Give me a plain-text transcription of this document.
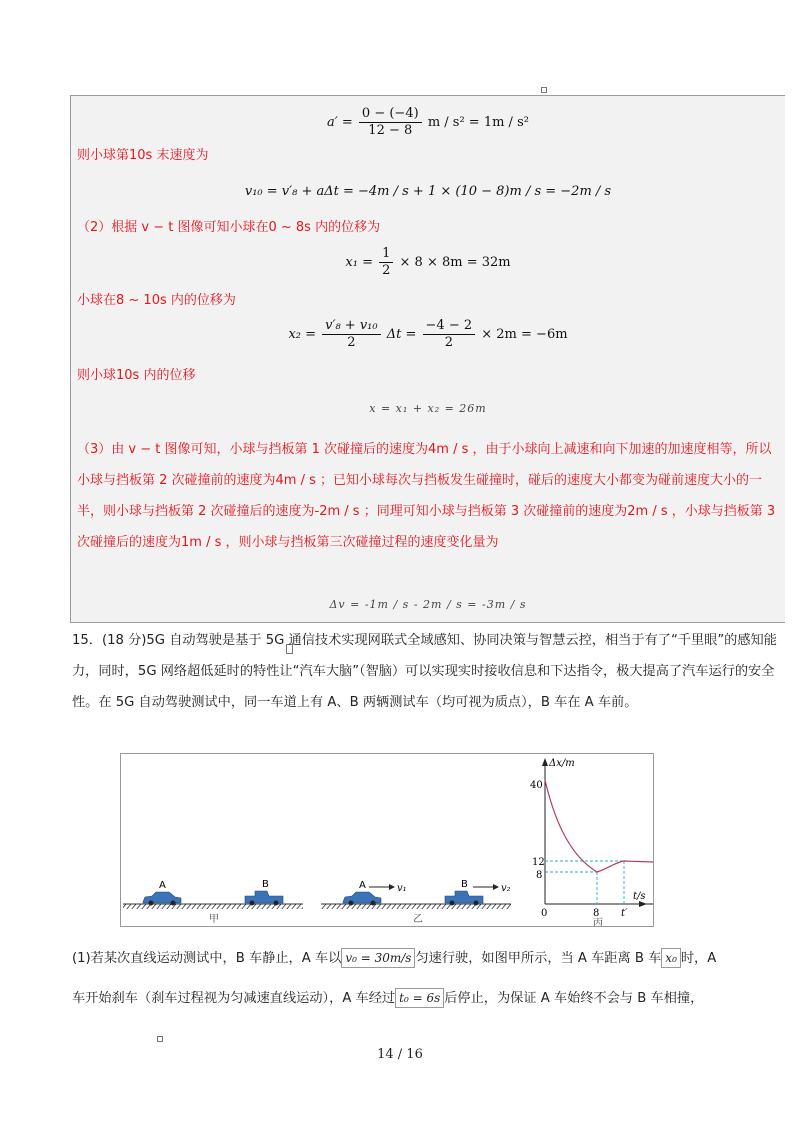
$a' = \frac{0 - (-4)}{12 - 8}$ m / s² = 1m / s²
则小球第10s 末速度为
v₁₀ = v′₈ + aΔt = −4m / s + 1 × (10 − 8)m / s = −2m / s
（2）根据 v − t 图像可知小球在0 ~ 8s 内的位移为
$x_1 = \frac{1}{2} \times 8 \times 8m = 32m$
小球在8 ~ 10s 内的位移为
$x_2 = \frac{\text{v′₈ + v₁₀}}{2}$ $\Delta t = \frac{-4 - 2}{2} \times 2m = -6m$
则小球10s 内的位移
x = x₁ + x₂ = 26m
（3）由 v − t 图像可知，小球与挡板第 1 次碰撞后的速度为4m / s ，由于小球向上减速和向下加速的加速度相等，所以小球与挡板第 2 次碰撞前的速度为4m / s ；已知小球每次与挡板发生碰撞时，碰后的速度大小都变为碰前速度大小的一半，则小球与挡板第 2 次碰撞后的速度为-2m / s ；同理可知小球与挡板第 3 次碰撞前的速度为2m / s ，小球与挡板第 3 次碰撞后的速度为1m / s ，则小球与挡板第三次碰撞过程的速度变化量为
Δv = -1m / s - 2m / s = -3m / s
15．(18 分)5G 自动驾驶是基于 5G 通信技术实现网联式全域感知、协同决策与智慧云控，相当于有了“千里眼”的感知能力，同时，5G 网络超低延时的特性让“汽车大脑”（智脑）可以实现实时接收信息和下达指令，极大提高了汽车运行的安全性。在 5G 自动驾驶测试中，同一车道上有 A、B 两辆测试车（均可视为质点），B 车在 A 车前。
A	B	A	v₁	B	v₂
甲	乙
Δx/m
t/s
40
12
8
0	8 t′
丙
(1)若某次直线运动测试中，B 车静止，A 车以 v₀ = 30m/s 匀速行驶，如图甲所示，当 A 车距离 B 车 x₀ 时，A
车开始刹车（刹车过程视为匀减速直线运动），A 车经过 t₀ = 6s 后停止，为保证 A 车始终不会与 B 车相撞，
14 / 16
